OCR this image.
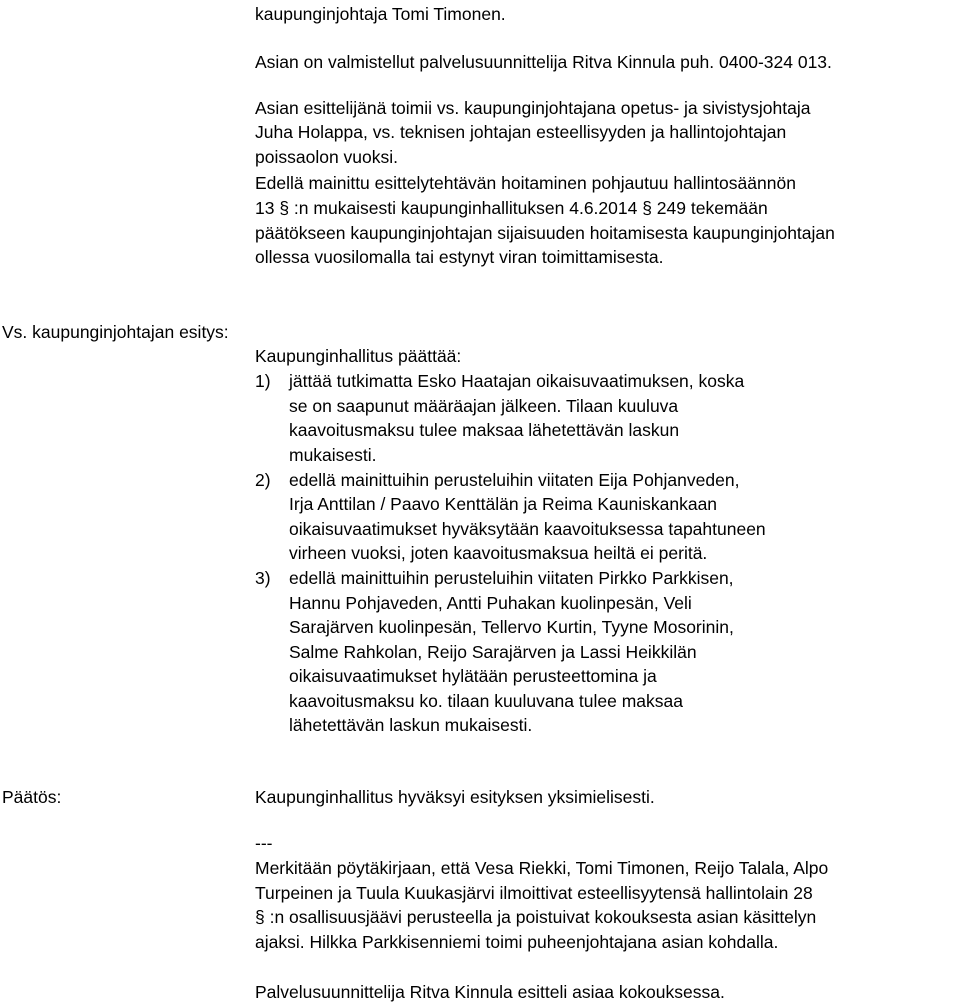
kaupunginjohtaja Tomi Timonen.
Asian on valmistellut palvelusuunnittelija Ritva Kinnula puh. 0400-324 013.
Asian esittelijänä toimii vs. kaupunginjohtajana opetus- ja sivistysjohtaja
Juha Holappa, vs. teknisen johtajan esteellisyyden ja hallintojohtajan
poissaolon vuoksi.
Edellä mainittu esittelytehtävän hoitaminen pohjautuu hallintosäännön
13 § :n mukaisesti kaupunginhallituksen 4.6.2014 § 249 tekemään
päätökseen kaupunginjohtajan sijaisuuden hoitamisesta kaupunginjohtajan
ollessa vuosilomalla tai estynyt viran toimittamisesta.
Vs. kaupunginjohtajan esitys:
Kaupunginhallitus päättää:
1) jättää tutkimatta Esko Haatajan oikaisuvaatimuksen, koska
se on saapunut määräajan jälkeen. Tilaan kuuluva
kaavoitusmaksu tulee maksaa lähetettävän laskun
mukaisesti.
2) edellä mainittuihin perusteluihin viitaten Eija Pohjanveden,
Irja Anttilan / Paavo Kenttälän ja Reima Kauniskankaan
oikaisuvaatimukset hyväksytään kaavoituksessa tapahtuneen
virheen vuoksi, joten kaavoitusmaksua heiltä ei peritä.
3) edellä mainittuihin perusteluihin viitaten Pirkko Parkkisen,
Hannu Pohjaveden, Antti Puhakan kuolinpesän, Veli
Sarajärven kuolinpesän, Tellervo Kurtin, Tyyne Mosorinin,
Salme Rahkolan, Reijo Sarajärven ja Lassi Heikkilän
oikaisuvaatimukset hylätään perusteettomina ja
kaavoitusmaksu ko. tilaan kuuluvana tulee maksaa
lähetettävän laskun mukaisesti.
Päätös:	Kaupunginhallitus hyväksyi esityksen yksimielisesti.
---
Merkitään pöytäkirjaan, että Vesa Riekki, Tomi Timonen, Reijo Talala, Alpo
Turpeinen ja Tuula Kuukasjärvi ilmoittivat esteellisyytensä hallintolain 28
§ :n osallisuusjäävi perusteella ja poistuivat kokouksesta asian käsittelyn
ajaksi. Hilkka Parkkisenniemi toimi puheenjohtajana asian kohdalla.
Palvelusuunnittelija Ritva Kinnula esitteli asiaa kokouksessa.
